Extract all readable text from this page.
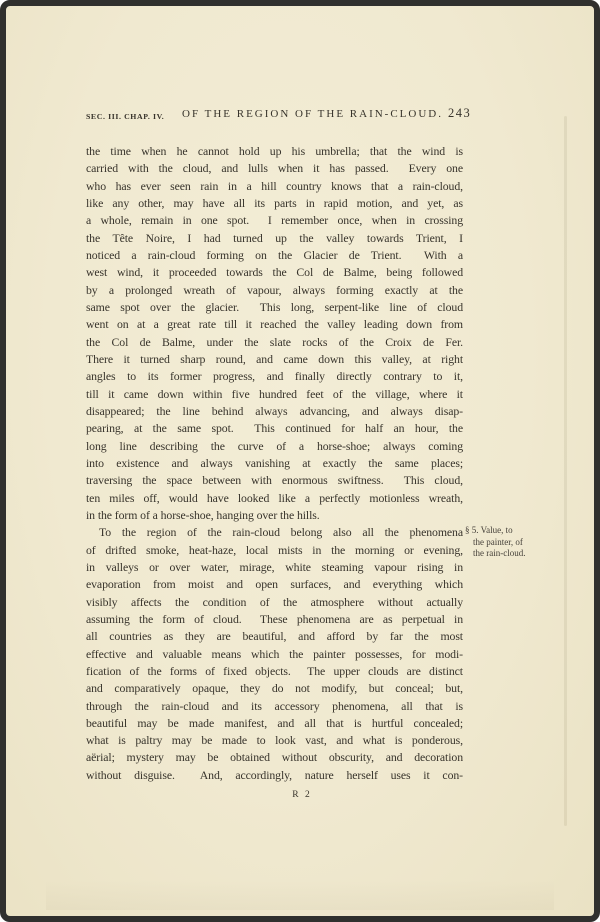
SEC. III. CHAP. IV. OF THE REGION OF THE RAIN-CLOUD. 243
the time when he cannot hold up his umbrella; that the wind is
carried with the cloud, and lulls when it has passed.  Every one
who has ever seen rain in a hill country knows that a rain-cloud,
like any other, may have all its parts in rapid motion, and yet, as
a whole, remain in one spot.  I remember once, when in crossing
the Tête Noire, I had turned up the valley towards Trient, I
noticed a rain-cloud forming on the Glacier de Trient.  With a
west wind, it proceeded towards the Col de Balme, being followed
by a prolonged wreath of vapour, always forming exactly at the
same spot over the glacier.  This long, serpent-like line of cloud
went on at a great rate till it reached the valley leading down from
the Col de Balme, under the slate rocks of the Croix de Fer.
There it turned sharp round, and came down this valley, at right
angles to its former progress, and finally directly contrary to it,
till it came down within five hundred feet of the village, where it
disappeared; the line behind always advancing, and always disap-
pearing, at the same spot.  This continued for half an hour, the
long line describing the curve of a horse-shoe; always coming
into existence and always vanishing at exactly the same places;
traversing the space between with enormous swiftness.  This cloud,
ten miles off, would have looked like a perfectly motionless wreath,
in the form of a horse-shoe, hanging over the hills.
To the region of the rain-cloud belong also all the phenomena
of drifted smoke, heat-haze, local mists in the morning or evening,
in valleys or over water, mirage, white steaming vapour rising in
evaporation from moist and open surfaces, and everything which
visibly affects the condition of the atmosphere without actually
assuming the form of cloud.  These phenomena are as perpetual in
all countries as they are beautiful, and afford by far the most
effective and valuable means which the painter possesses, for modi-
fication of the forms of fixed objects.  The upper clouds are distinct
and comparatively opaque, they do not modify, but conceal; but,
through the rain-cloud and its accessory phenomena, all that is
beautiful may be made manifest, and all that is hurtful concealed;
what is paltry may be made to look vast, and what is ponderous,
aërial; mystery may be obtained without obscurity, and decoration
without disguise.  And, accordingly, nature herself uses it con-
§ 5. Value, to
the painter, of
the rain-cloud.
R 2
